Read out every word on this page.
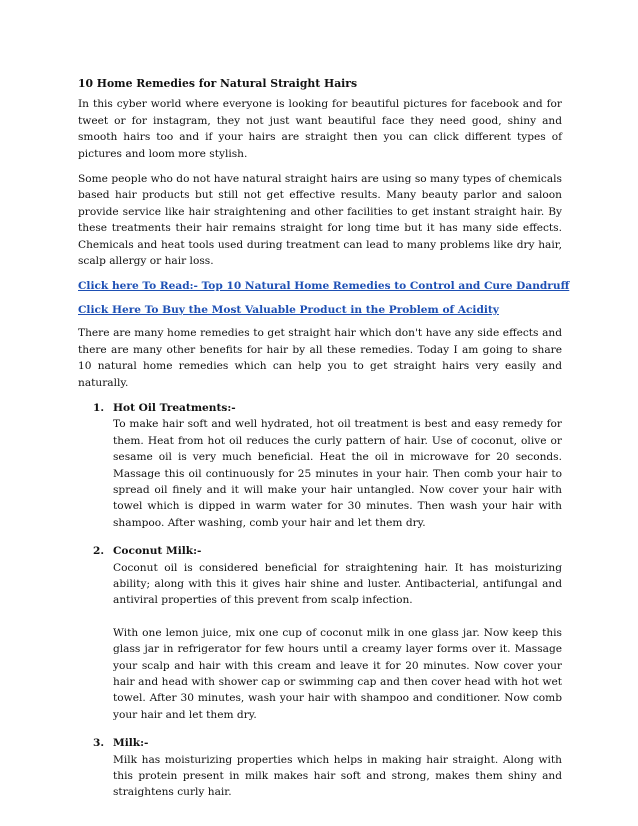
10 Home Remedies for Natural Straight Hairs

In this cyber world where everyone is looking for beautiful pictures for facebook and for tweet or for instagram, they not just want beautiful face they need good, shiny and smooth hairs too and if your hairs are straight then you can click different types of pictures and loom more stylish.

Some people who do not have natural straight hairs are using so many types of chemicals based hair products but still not get effective results. Many beauty parlor and saloon provide service like hair straightening and other facilities to get instant straight hair. By these treatments their hair remains straight for long time but it has many side effects. Chemicals and heat tools used during treatment can lead to many problems like dry hair, scalp allergy or hair loss.

Click here To Read:- Top 10 Natural Home Remedies to Control and Cure Dandruff
Click Here To Buy the Most Valuable Product in the Problem of Acidity

There are many home remedies to get straight hair which don't have any side effects and there are many other benefits for hair by all these remedies. Today I am going to share 10 natural home remedies which can help you to get straight hairs very easily and naturally.

1. Hot Oil Treatments:-

To make hair soft and well hydrated, hot oil treatment is best and easy remedy for them. Heat from hot oil reduces the curly pattern of hair. Use of coconut, olive or sesame oil is very much beneficial. Heat the oil in microwave for 20 seconds. Massage this oil continuously for 25 minutes in your hair. Then comb your hair to spread oil finely and it will make your hair untangled. Now cover your hair with towel which is dipped in warm water for 30 minutes. Then wash your hair with shampoo. After washing, comb your hair and let them dry.

2. Coconut Milk:-

Coconut oil is considered beneficial for straightening hair. It has moisturizing ability; along with this it gives hair shine and luster. Antibacterial, antifungal and antiviral properties of this prevent from scalp infection.

With one lemon juice, mix one cup of coconut milk in one glass jar. Now keep this glass jar in refrigerator for few hours until a creamy layer forms over it. Massage your scalp and hair with this cream and leave it for 20 minutes. Now cover your hair and head with shower cap or swimming cap and then cover head with hot wet towel. After 30 minutes, wash your hair with shampoo and conditioner. Now comb your hair and let them dry.

3. Milk:-

Milk has moisturizing properties which helps in making hair straight. Along with this protein present in milk makes hair soft and strong, makes them shiny and straightens curly hair.
